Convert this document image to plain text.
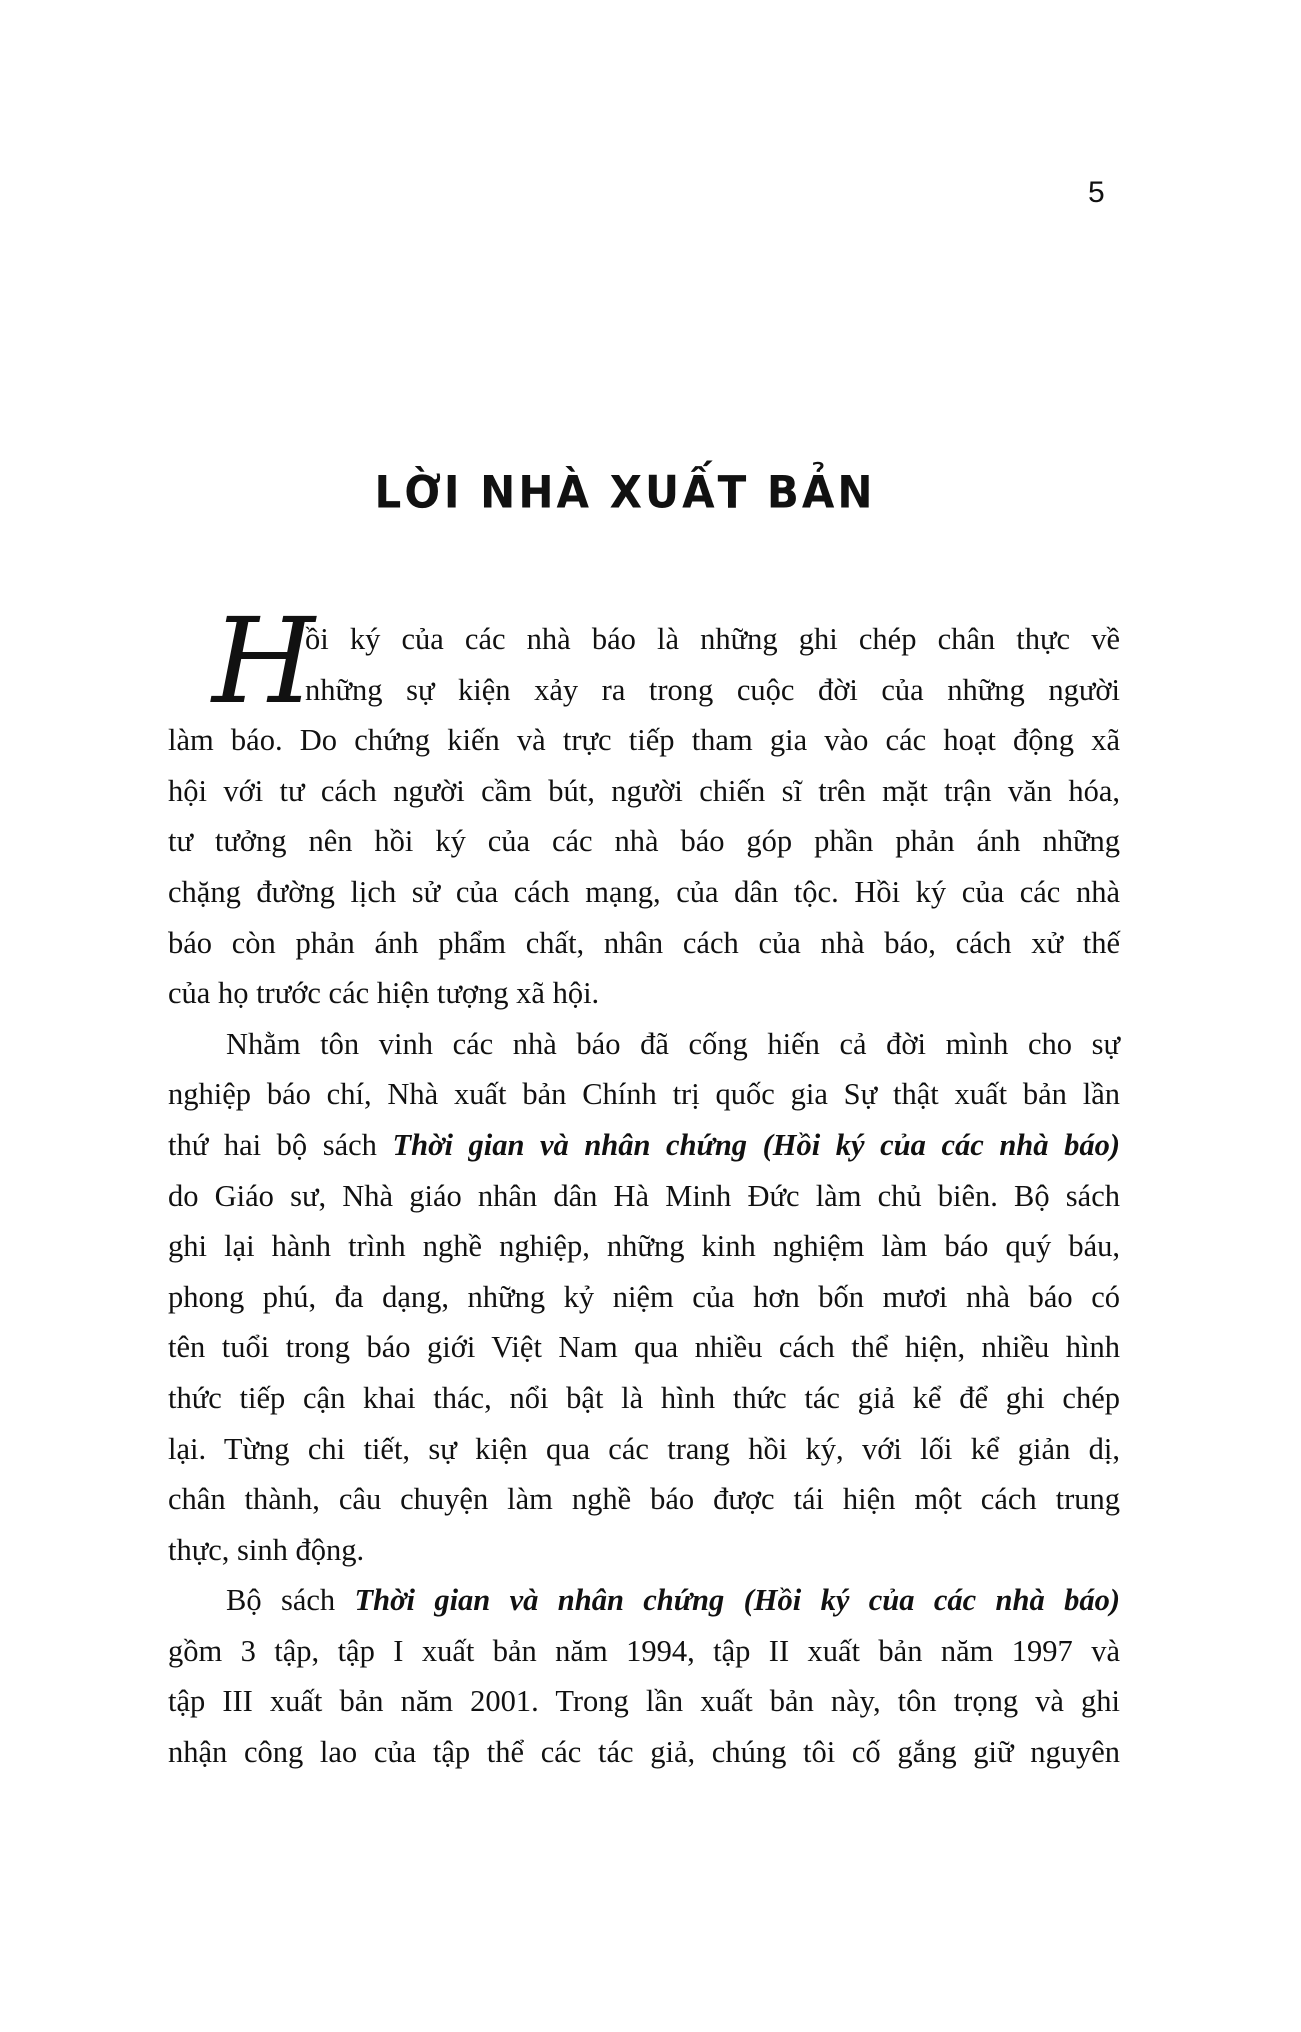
5
LỜI NHÀ XUẤT BẢN

H
ồi ký của các nhà báo là những ghi chép chân thực về
những sự kiện xảy ra trong cuộc đời của những người
làm báo. Do chứng kiến và trực tiếp tham gia vào các hoạt động xã
hội với tư cách người cầm bút, người chiến sĩ trên mặt trận văn hóa,
tư tưởng nên hồi ký của các nhà báo góp phần phản ánh những
chặng đường lịch sử của cách mạng, của dân tộc. Hồi ký của các nhà
báo còn phản ánh phẩm chất, nhân cách của nhà báo, cách xử thế
của họ trước các hiện tượng xã hội.

Nhằm tôn vinh các nhà báo đã cống hiến cả đời mình cho sự
nghiệp báo chí, Nhà xuất bản Chính trị quốc gia Sự thật xuất bản lần
thứ hai bộ sách Thời gian và nhân chứng (Hồi ký của các nhà báo)
do Giáo sư, Nhà giáo nhân dân Hà Minh Đức làm chủ biên. Bộ sách
ghi lại hành trình nghề nghiệp, những kinh nghiệm làm báo quý báu,
phong phú, đa dạng, những kỷ niệm của hơn bốn mươi nhà báo có
tên tuổi trong báo giới Việt Nam qua nhiều cách thể hiện, nhiều hình
thức tiếp cận khai thác, nổi bật là hình thức tác giả kể để ghi chép
lại. Từng chi tiết, sự kiện qua các trang hồi ký, với lối kể giản dị,
chân thành, câu chuyện làm nghề báo được tái hiện một cách trung
thực, sinh động.

Bộ sách Thời gian và nhân chứng (Hồi ký của các nhà báo)
gồm 3 tập, tập I xuất bản năm 1994, tập II xuất bản năm 1997 và
tập III xuất bản năm 2001. Trong lần xuất bản này, tôn trọng và ghi
nhận công lao của tập thể các tác giả, chúng tôi cố gắng giữ nguyên
